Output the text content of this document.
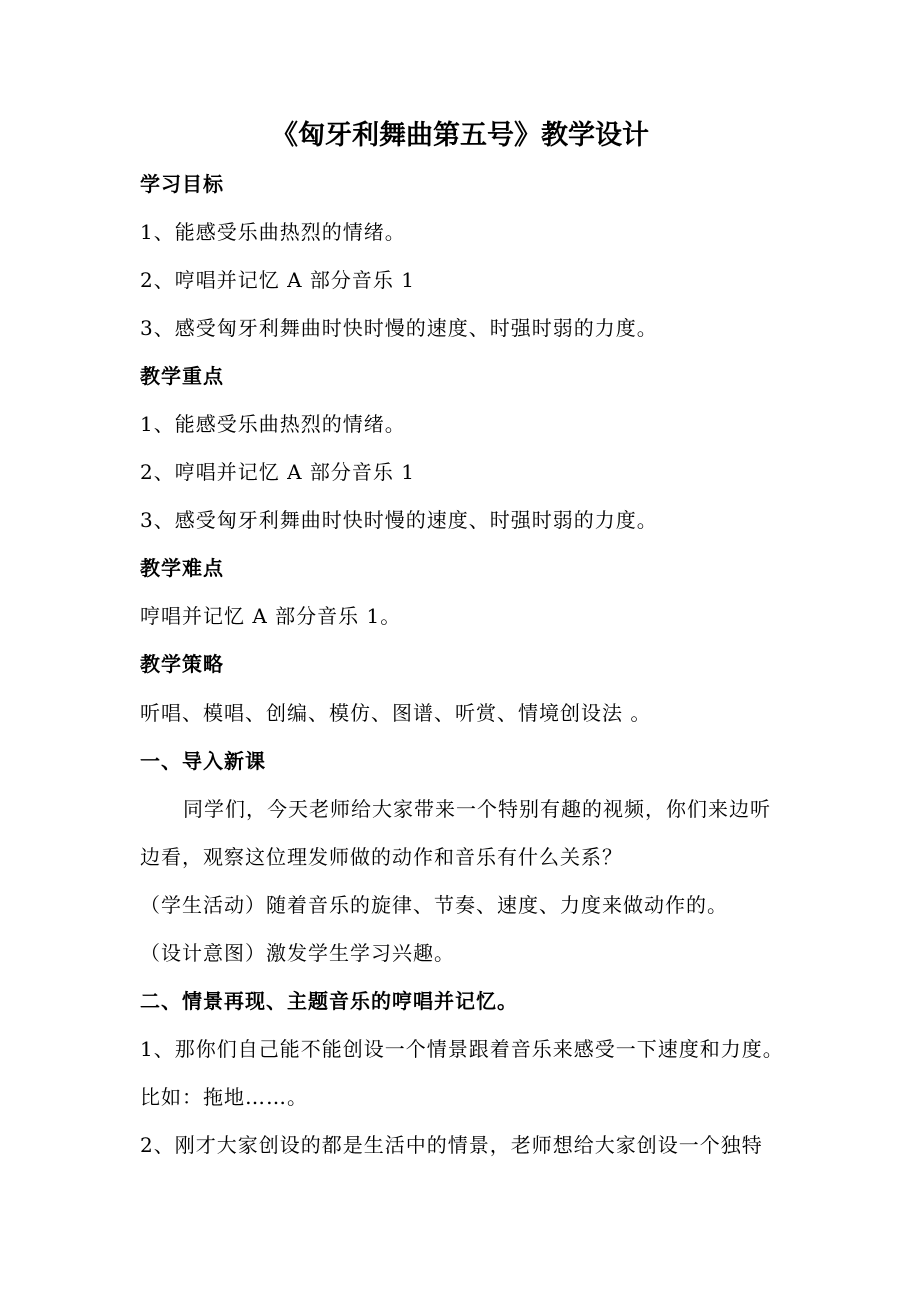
《匈牙利舞曲第五号》教学设计
学习目标
1、能感受乐曲热烈的情绪。
2、哼唱并记忆 A 部分音乐 1
3、感受匈牙利舞曲时快时慢的速度、时强时弱的力度。
教学重点
1、能感受乐曲热烈的情绪。
2、哼唱并记忆 A 部分音乐 1
3、感受匈牙利舞曲时快时慢的速度、时强时弱的力度。
教学难点
哼唱并记忆 A 部分音乐 1。
教学策略
听唱、模唱、创编、模仿、图谱、听赏、情境创设法 。
一、导入新课
同学们，今天老师给大家带来一个特别有趣的视频，你们来边听
边看，观察这位理发师做的动作和音乐有什么关系？
（学生活动）随着音乐的旋律、节奏、速度、力度来做动作的。
（设计意图）激发学生学习兴趣。
二、情景再现、主题音乐的哼唱并记忆。
1、那你们自己能不能创设一个情景跟着音乐来感受一下速度和力度。
比如：拖地……。
2、刚才大家创设的都是生活中的情景，老师想给大家创设一个独特
